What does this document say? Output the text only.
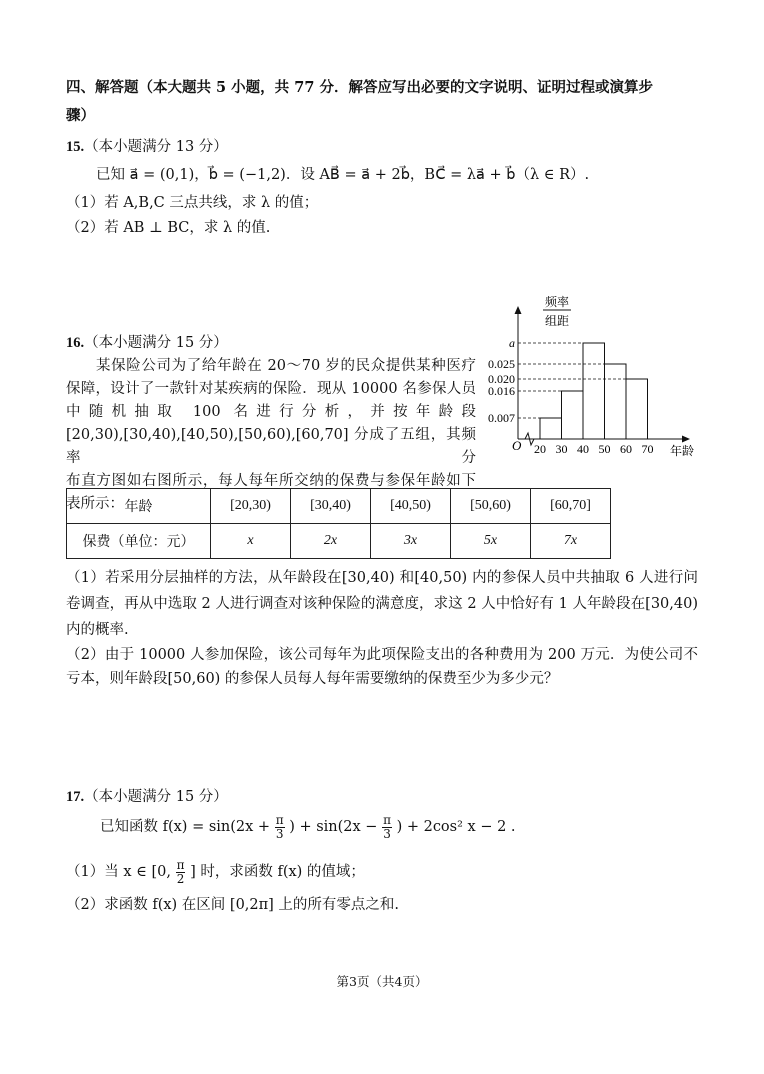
四、解答题（本大题共 5 小题，共 77 分．解答应写出必要的文字说明、证明过程或演算步
骤）
15.（本小题满分 13 分）
已知 a⃗ = (0,1)，b⃗ = (−1,2)．设 AB⃗ = a⃗ + 2b⃗，BC⃗ = λa⃗ + b⃗（λ ∈ R）.
（1）若 A,B,C 三点共线，求 λ 的值；
（2）若 AB ⊥ BC，求 λ 的值.
16.（本小题满分 15 分）
某保险公司为了给年龄在 20～70 岁的民众提供某种医疗
保障，设计了一款针对某疾病的保险．现从 10000 名参保人员
中随机抽取 100 名进行分析，并按年龄段
[20,30),[30,40),[40,50),[50,60),[60,70] 分成了五组，其频率分
布直方图如右图所示，每人每年所交纳的保费与参保年龄如下
表所示：
0.007
0.016
0.020
0.025
a
20 30 40 50 60 70
频率
组距
O	年龄
年龄	[20,30)	[30,40)	[40,50)	[50,60)	[60,70]
保费（单位：元）	x	2x	3x	5x	7x
（1）若采用分层抽样的方法，从年龄段在[30,40) 和[40,50) 内的参保人员中共抽取 6 人进行问
卷调查，再从中选取 2 人进行调查对该种保险的满意度，求这 2 人中恰好有 1 人年龄段在[30,40)
内的概率.
（2）由于 10000 人参加保险，该公司每年为此项保险支出的各种费用为 200 万元．为使公司不
亏本，则年龄段[50,60) 的参保人员每人每年需要缴纳的保费至少为多少元？
17.（本小题满分 15 分）
已知函数 $f(x) = \sin(2x + \frac{\pi}{3}$ ) + $\sin(2x - \frac{\pi}{3}$ ) + 2cos² x − 2 .
（1）当 x ∈ [0, $\frac{\pi}{2}$ ] 时，求函数 f(x) 的值域；
（2）求函数 f(x) 在区间 [0,2π] 上的所有零点之和.
第3页（共4页）
